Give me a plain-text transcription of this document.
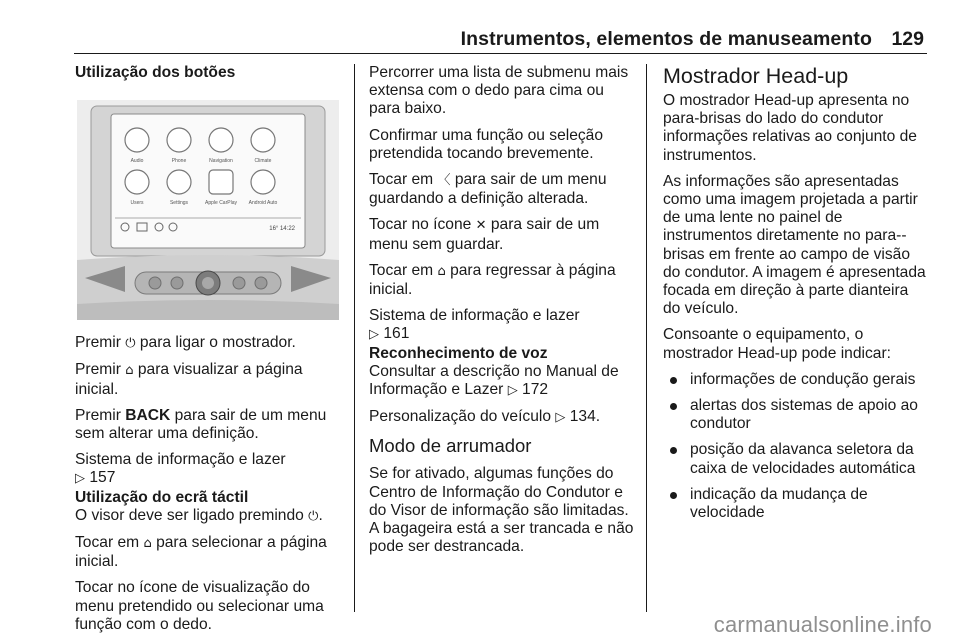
Instrumentos, elementos de manuseamento 129
Utilização dos botões
Audio	Phone	Navigation	Climate
Users	Settings	Apple CarPlay Android Auto
16° 14:22

Premir ⏻ para ligar o mostrador.

Premir ⌂ para visualizar a página inicial.

Premir BACK para sair de um menu sem alterar uma definição.

Sistema de informação e lazer

▷ 157

Utilização do ecrã táctil

O visor deve ser ligado premindo ⏻.

Tocar em ⌂ para selecionar a página inicial.

Tocar no ícone de visualização do menu pretendido ou selecionar uma função com o dedo.

Percorrer uma lista de submenu mais extensa com o dedo para cima ou para baixo.

Confirmar uma função ou seleção pretendida tocando brevemente.

Tocar em 〈 para sair de um menu guardando a definição alterada.

Tocar no ícone ✕ para sair de um menu sem guardar.

Tocar em ⌂ para regressar à página inicial.

Sistema de informação e lazer

▷ 161

Reconhecimento de voz

Consultar a descrição no Manual de Informação e Lazer ▷ 172

Personalização do veículo ▷ 134.

Modo de arrumador

Se for ativado, algumas funções do Centro de Informação do Condutor e do Visor de informação são limitadas. A bagageira está a ser trancada e não pode ser destrancada.

Mostrador Head-up

O mostrador Head-up apresenta no para-brisas do lado do condutor informações relativas ao conjunto de instrumentos.

As informações são apresentadas como uma imagem projetada a partir de uma lente no painel de instrumentos diretamente no para--brisas em frente ao campo de visão do condutor. A imagem é apresentada focada em direção à parte dianteira do veículo.

Consoante o equipamento, o mostrador Head-up pode indicar:

informações de condução gerais
alertas dos sistemas de apoio ao condutor
posição da alavanca seletora da caixa de velocidades automática
indicação da mudança de velocidade
carmanualsonline.info
